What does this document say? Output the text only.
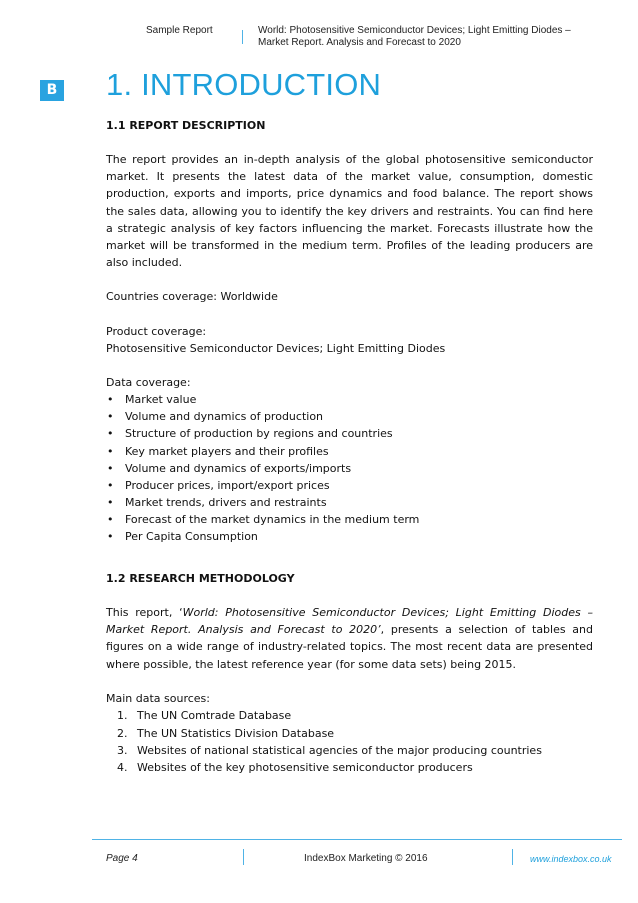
Sample Report	World: Photosensitive Semiconductor Devices; Light Emitting Diodes – Market Report. Analysis and Forecast to 2020
B 1. INTRODUCTION

1.1 REPORT DESCRIPTION

The report provides an in-depth analysis of the global photosensitive semiconductor market. It presents the latest data of the market value, consumption, domestic production, exports and imports, price dynamics and food balance. The report shows the sales data, allowing you to identify the key drivers and restraints. You can find here a strategic analysis of key factors influencing the market. Forecasts illustrate how the market will be transformed in the medium term. Profiles of the leading producers are also included.

Countries coverage: Worldwide

Product coverage:

Photosensitive Semiconductor Devices; Light Emitting Diodes

Data coverage:

• Market value
• Volume and dynamics of production
• Structure of production by regions and countries
• Key market players and their profiles
• Volume and dynamics of exports/imports
• Producer prices, import/export prices
• Market trends, drivers and restraints
• Forecast of the market dynamics in the medium term
• Per Capita Consumption

1.2 RESEARCH METHODOLOGY

This report, ‘World: Photosensitive Semiconductor Devices; Light Emitting Diodes – Market Report. Analysis and Forecast to 2020’, presents a selection of tables and figures on a wide range of industry-related topics. The most recent data are presented where possible, the latest reference year (for some data sets) being 2015.

Main data sources:

1. The UN Comtrade Database
2. The UN Statistics Division Database
3. Websites of national statistical agencies of the major producing countries
4. Websites of the key photosensitive semiconductor producers
Page 4	IndexBox Marketing © 2016	www.indexbox.co.uk
